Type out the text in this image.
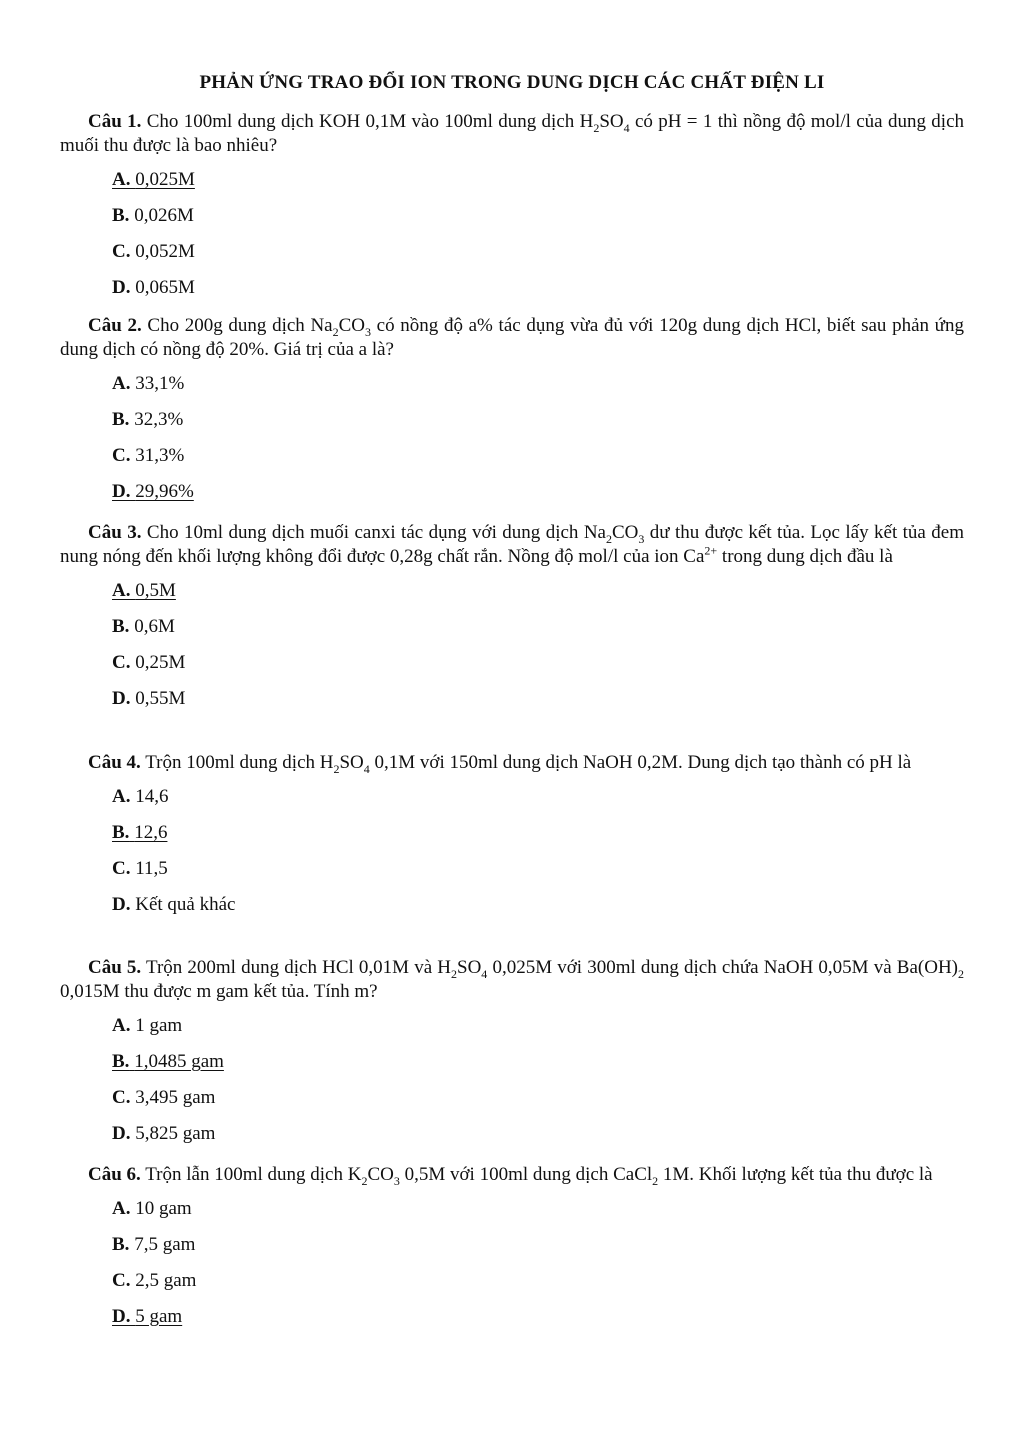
PHẢN ỨNG TRAO ĐỔI ION TRONG DUNG DỊCH CÁC CHẤT ĐIỆN LI

Câu 1. Cho 100ml dung dịch KOH 0,1M vào 100ml dung dịch $H_2SO_4$ có pH = 1 thì nồng độ mol/l của dung dịch muối thu được là bao nhiêu?

A. 0,025M
B. 0,026M
C. 0,052M
D. 0,065M

Câu 2. Cho 200g dung dịch $Na_2CO_3$ có nồng độ a% tác dụng vừa đủ với 120g dung dịch HCl, biết sau phản ứng dung dịch có nồng độ 20%. Giá trị của a là?

A. 33,1%
B. 32,3%
C. 31,3%
D. 29,96%

Câu 3. Cho 10ml dung dịch muối canxi tác dụng với dung dịch $Na_2CO_3$ dư thu được kết tủa. Lọc lấy kết tủa đem nung nóng đến khối lượng không đổi được 0,28g chất rắn. Nồng độ mol/l của ion $Ca^{2+}$ trong dung dịch đầu là

A. 0,5M
B. 0,6M
C. 0,25M
D. 0,55M

Câu 4. Trộn 100ml dung dịch $H_2SO_4$ 0,1M với 150ml dung dịch NaOH 0,2M. Dung dịch tạo thành có pH là

A. 14,6
B. 12,6
C. 11,5
D. Kết quả khác

Câu 5. Trộn 200ml dung dịch HCl 0,01M và $H_2SO_4$ 0,025M với 300ml dung dịch chứa NaOH 0,05M và $Ba(OH)_2$ 0,015M thu được m gam kết tủa. Tính m?

A. 1 gam
B. 1,0485 gam
C. 3,495 gam
D. 5,825 gam

Câu 6. Trộn lẫn 100ml dung dịch $K_2CO_3$ 0,5M với 100ml dung dịch CaCl$_2$ 1M. Khối lượng kết tủa thu được là

A. 10 gam
B. 7,5 gam
C. 2,5 gam
D. 5 gam
